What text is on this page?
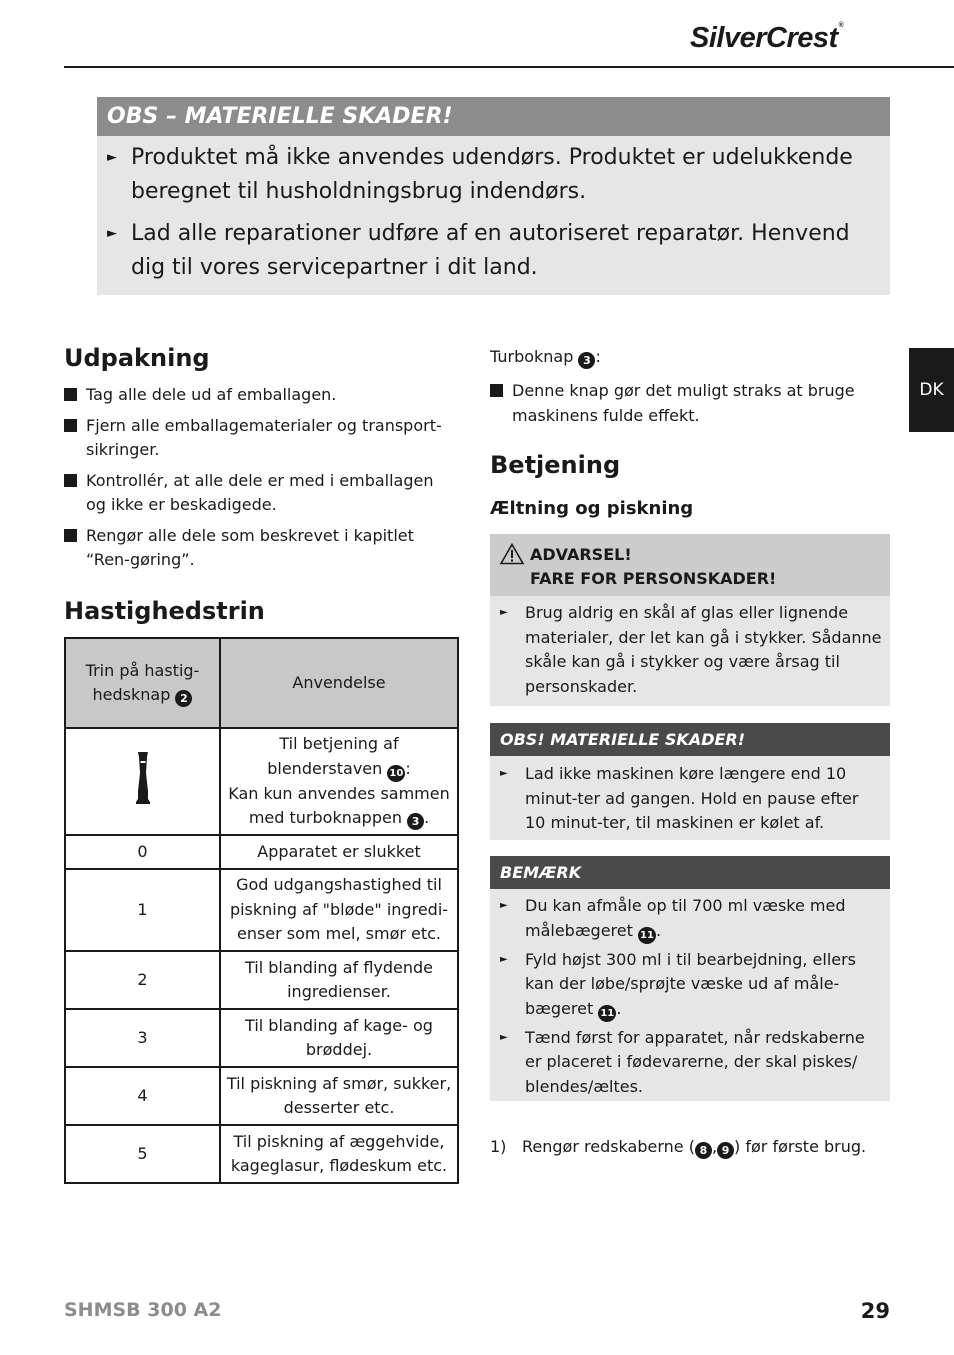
SilverCrest®
DK
OBS – MATERIELLE SKADER!
► Produktet må ikke anvendes udendørs. Produktet er udelukkende beregnet til husholdningsbrug indendørs.
► Lad alle reparationer udføre af en autoriseret reparatør. Henvend dig til vores servicepartner i dit land.
Udpakning
Tag alle dele ud af emballagen.
Fjern alle emballagematerialer og transport-sikringer.
Kontrollér, at alle dele er med i emballagen og ikke er beskadigede.
Rengør alle dele som beskrevet i kapitlet “Ren-gøring”.
Hastighedstrin
Trin på hastig-
hedsknap 2	Anvendelse
	Til betjening af
blenderstaven 10 :
Kan kun anvendes sammen
med turboknappen 3 .
0	Apparatet er slukket
1	God udgangshastighed til piskning af "bløde" ingredi-enser som mel, smør etc.
2	Til blanding af flydende ingredienser.
3	Til blanding af kage- og brøddej.
4	Til piskning af smør, sukker, desserter etc.
5	Til piskning af æggehvide, kageglasur, flødeskum etc.
Turboknap 3 :
Denne knap gør det muligt straks at bruge maskinens fulde effekt.
Betjening
Æltning og piskning
ADVARSEL!
FARE FOR PERSONSKADER!
►	Brug aldrig en skål af glas eller lignende materialer, der let kan gå i stykker. Sådanne skåle kan gå i stykker og være årsag til personskader.
OBS! MATERIELLE SKADER!
►	Lad ikke maskinen køre længere end 10 minut-ter ad gangen. Hold en pause efter 10 minut-ter, til maskinen er kølet af.
BEMÆRK
►	Du kan afmåle op til 700 ml væske med målebægeret 11 .
►	Fyld højst 300 ml i til bearbejdning, ellers kan der løbe/sprøjte væske ud af måle-bægeret 11 .
►	Tænd først for apparatet, når redskaberne er placeret i fødevarerne, der skal piskes/ blendes/æltes.
1) Rengør redskaberne ( 8 , 9 ) før første brug.
SHMSB 300 A2	29
